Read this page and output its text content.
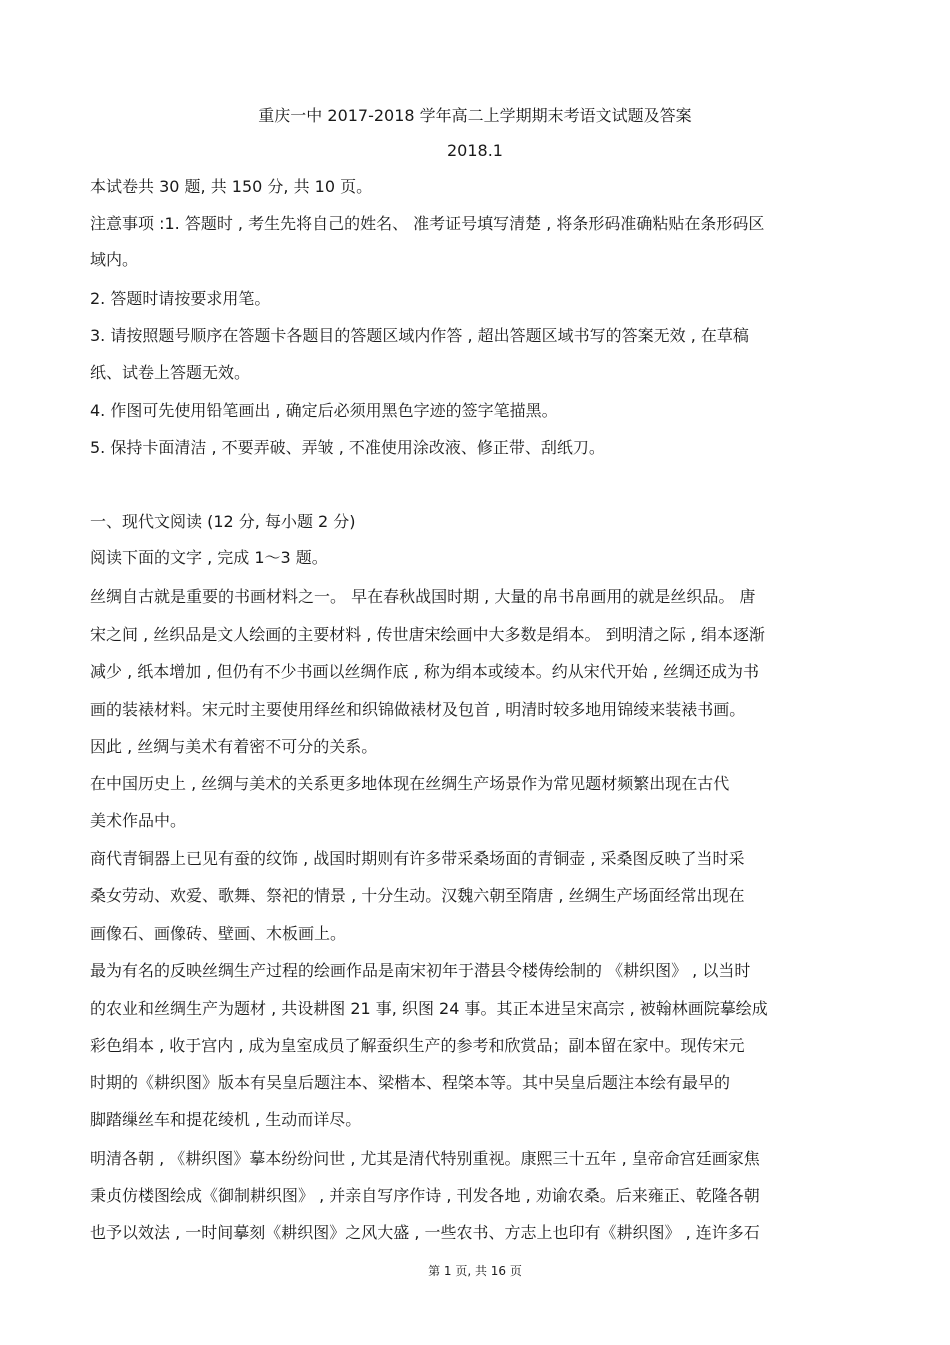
重庆一中 2017-2018 学年高二上学期期末考语文试题及答案
2018.1
本试卷共 30 题, 共 150 分, 共 10 页。
注意事项 :1. 答题时 , 考生先将自己的姓名、 准考证号填写清楚 , 将条形码准确粘贴在条形码区
域内。
2. 答题时请按要求用笔。
3. 请按照题号顺序在答题卡各题目的答题区域内作答 , 超出答题区域书写的答案无效 , 在草稿
纸、试卷上答题无效。
4. 作图可先使用铅笔画出 , 确定后必须用黑色字迹的签字笔描黑。
5. 保持卡面清洁 , 不要弄破、弄皱 , 不准使用涂改液、修正带、刮纸刀。
一、现代文阅读 (12 分, 每小题 2 分)
阅读下面的文字 , 完成 1～3 题。
丝绸自古就是重要的书画材料之一。 早在春秋战国时期 , 大量的帛书帛画用的就是丝织品。 唐
宋之间 , 丝织品是文人绘画的主要材料 , 传世唐宋绘画中大多数是绢本。 到明清之际 , 绢本逐渐
减少 , 纸本增加 , 但仍有不少书画以丝绸作底 , 称为绢本或绫本。约从宋代开始 , 丝绸还成为书
画的装裱材料。宋元时主要使用绎丝和织锦做裱材及包首 , 明清时较多地用锦绫来装裱书画。
因此 , 丝绸与美术有着密不可分的关系。
在中国历史上 , 丝绸与美术的关系更多地体现在丝绸生产场景作为常见题材频繁出现在古代
美术作品中。
商代青铜器上已见有蚕的纹饰 , 战国时期则有许多带采桑场面的青铜壶 , 采桑图反映了当时采
桑女劳动、欢爱、歌舞、祭祀的情景 , 十分生动。汉魏六朝至隋唐 , 丝绸生产场面经常出现在
画像石、画像砖、壁画、木板画上。
最为有名的反映丝绸生产过程的绘画作品是南宋初年于潜县令楼俦绘制的 《耕织图》 , 以当时
的农业和丝绸生产为题材 , 共设耕图 21 事, 织图 24 事。其正本进呈宋高宗 , 被翰林画院摹绘成
彩色绢本 , 收于宫内 , 成为皇室成员了解蚕织生产的参考和欣赏品；副本留在家中。现传宋元
时期的《耕织图》版本有吴皇后题注本、梁楷本、程棨本等。其中吴皇后题注本绘有最早的
脚踏缫丝车和提花绫机 , 生动而详尽。
明清各朝 , 《耕织图》摹本纷纷问世 , 尤其是清代特别重视。康熙三十五年 , 皇帝命宫廷画家焦
秉贞仿楼图绘成《御制耕织图》 , 并亲自写序作诗 , 刊发各地 , 劝谕农桑。后来雍正、乾隆各朝
也予以效法 , 一时间摹刻《耕织图》之风大盛 , 一些农书、方志上也印有《耕织图》 , 连许多石
第 1 页, 共 16 页
